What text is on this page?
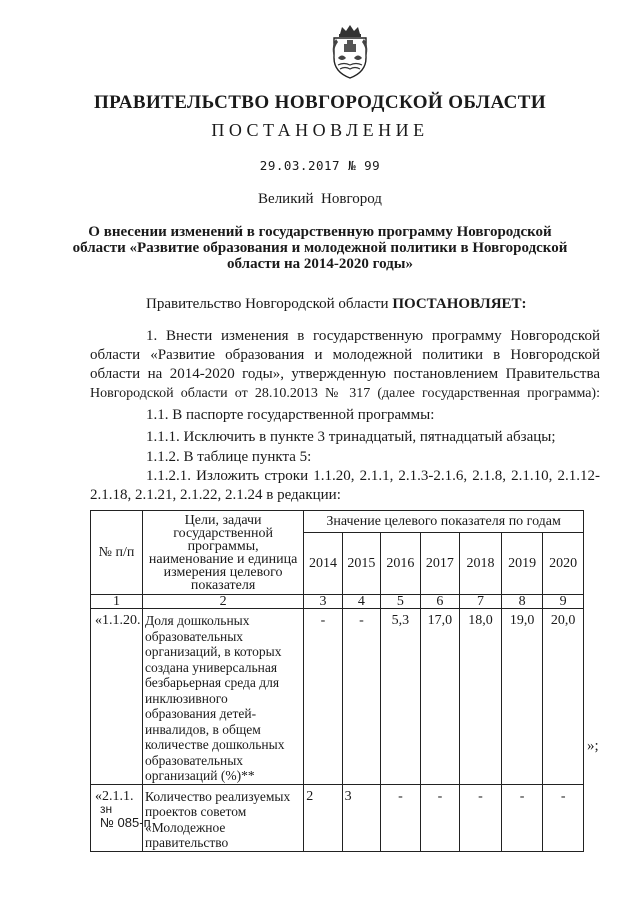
ПРАВИТЕЛЬСТВО НОВГОРОДСКОЙ ОБЛАСТИ
ПОСТАНОВЛЕНИЕ
29.03.2017 № 99
Великий  Новгород
О внесении изменений в государственную программу Новгородской
области «Развитие образования и молодежной политики в Новгородской
области на 2014-2020 годы»
Правительство Новгородской области ПОСТАНОВЛЯЕТ:
1. Внести изменения в государственную программу Новгородской
области «Развитие образования и молодежной политики в Новгородской
области на 2014-2020 годы», утвержденную постановлением Правительства
Новгородской области от 28.10.2013 № 317 (далее государственная программа):
1.1. В паспорте государственной программы:
1.1.1. Исключить в пункте 3 тринадцатый, пятнадцатый абзацы;
1.1.2. В таблице пункта 5:
1.1.2.1. Изложить строки 1.1.20, 2.1.1, 2.1.3-2.1.6, 2.1.8, 2.1.10, 2.1.12-
2.1.18, 2.1.21, 2.1.22, 2.1.24 в редакции:
№ п/п	Цели, задачи государственной программы, наименование и единица измерения целевого показателя	Значение целевого показателя по годам						
		2014	2015	2016	2017	2018	2019	2020
1	2	3	4	5	6	7	8	9
«1.1.20.	Доля дошкольных образовательных организаций, в которых создана универсальная безбарьерная среда для инклюзивного образования детей-инвалидов, в общем количестве дошкольных образовательных организаций (%)**	-	-	5,3	17,0	18,0	19,0	20,0
«2.1.1.	Количество реализуемых проектов советом «Молодежное правительство	2	3	-	-	-	-	-
»;
зн
№ 085-п
